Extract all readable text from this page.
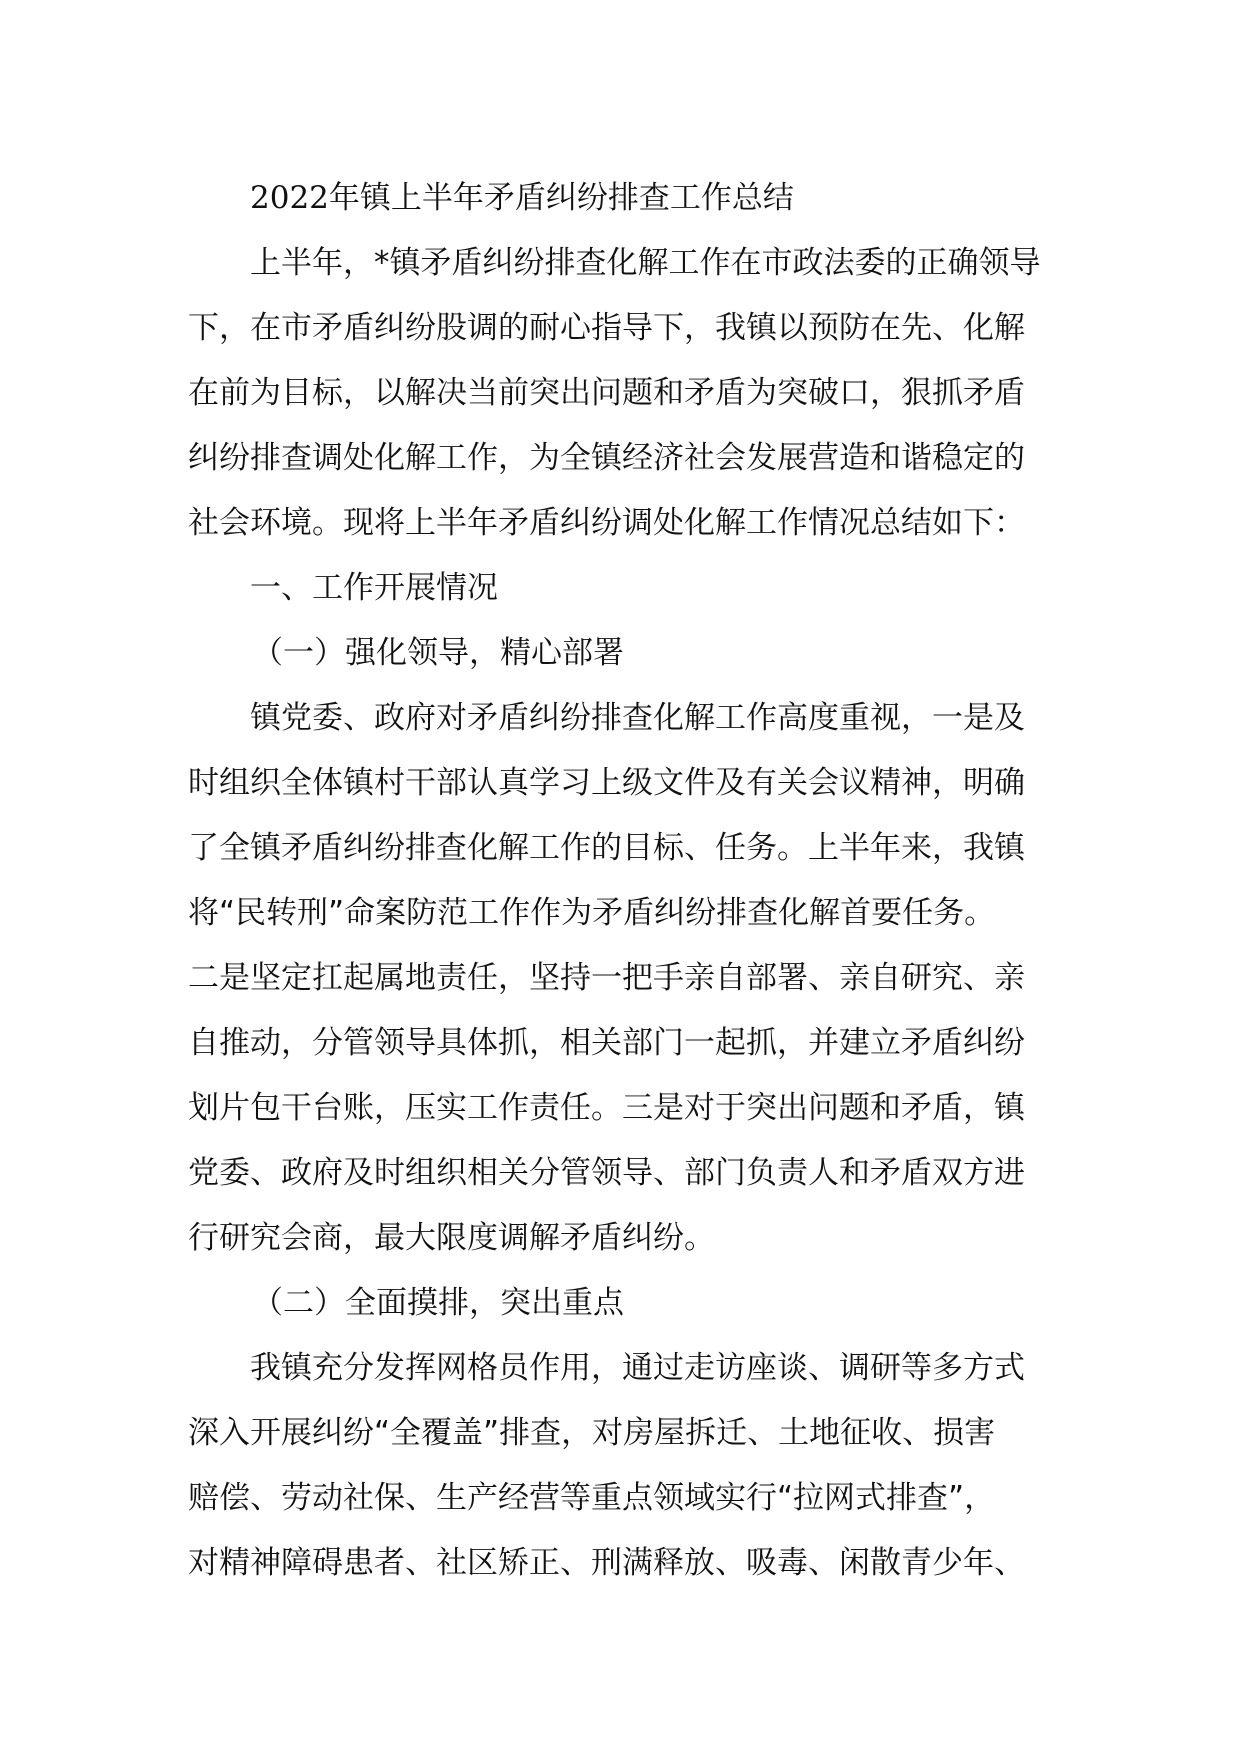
2022年镇上半年矛盾纠纷排查工作总结
上半年，*镇矛盾纠纷排查化解工作在市政法委的正确领导
下，在市矛盾纠纷股调的耐心指导下，我镇以预防在先、化解
在前为目标，以解决当前突出问题和矛盾为突破口，狠抓矛盾
纠纷排查调处化解工作，为全镇经济社会发展营造和谐稳定的
社会环境。现将上半年矛盾纠纷调处化解工作情况总结如下：
一、工作开展情况
（一）强化领导，精心部署
镇党委、政府对矛盾纠纷排查化解工作高度重视，一是及
时组织全体镇村干部认真学习上级文件及有关会议精神，明确
了全镇矛盾纠纷排查化解工作的目标、任务。上半年来，我镇
将“民转刑”命案防范工作作为矛盾纠纷排查化解首要任务。
二是坚定扛起属地责任，坚持一把手亲自部署、亲自研究、亲
自推动，分管领导具体抓，相关部门一起抓，并建立矛盾纠纷
划片包干台账，压实工作责任。三是对于突出问题和矛盾，镇
党委、政府及时组织相关分管领导、部门负责人和矛盾双方进
行研究会商，最大限度调解矛盾纠纷。
（二）全面摸排，突出重点
我镇充分发挥网格员作用，通过走访座谈、调研等多方式
深入开展纠纷“全覆盖”排查，对房屋拆迁、土地征收、损害
赔偿、劳动社保、生产经营等重点领域实行“拉网式排查”，
对精神障碍患者、社区矫正、刑满释放、吸毒、闲散青少年、
